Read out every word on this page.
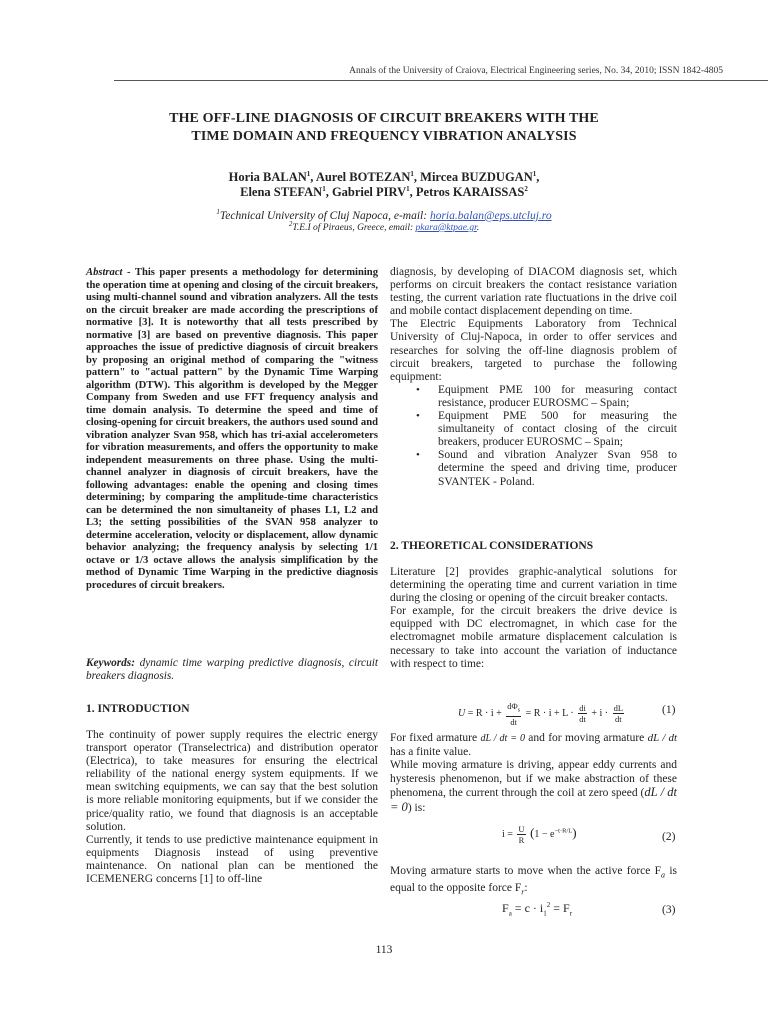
Annals of the University of Craiova, Electrical Engineering series, No. 34, 2010; ISSN 1842-4805
THE OFF-LINE DIAGNOSIS OF CIRCUIT BREAKERS WITH THE
TIME DOMAIN AND FREQUENCY VIBRATION ANALYSIS
Horia BALAN$^1$, Aurel BOTEZAN$^1$, Mircea BUZDUGAN$^1$,
Elena STEFAN$^1$, Gabriel PIRV$^1$, Petros KARAISSAS$^2$
$^1$Technical University of Cluj Napoca, e-mail: horia.balan@eps.utcluj.ro
$^2$T.E.I of Piraeus, Greece, email: pkara@ktpae.gr.
Abstract - This paper presents a methodology for determining the operation time at opening and closing of the circuit breakers, using multi-channel sound and vibration analyzers. All the tests on the circuit breaker are made according the prescriptions of normative [3]. It is noteworthy that all tests prescribed by normative [3] are based on preventive diagnosis. This paper approaches the issue of predictive diagnosis of circuit breakers by proposing an original method of comparing the "witness pattern" to "actual pattern" by the Dynamic Time Warping algorithm (DTW). This algorithm is developed by the Megger Company from Sweden and use FFT frequency analysis and time domain analysis. To determine the speed and time of closing-opening for circuit breakers, the authors used sound and vibration analyzer Svan 958, which has tri-axial accelerometers for vibration measurements, and offers the opportunity to make independent measurements on three phase. Using the multi-channel analyzer in diagnosis of circuit breakers, have the following advantages: enable the opening and closing times determining; by comparing the amplitude-time characteristics can be determined the non simultaneity of phases L1, L2 and L3; the setting possibilities of the SVAN 958 analyzer to determine acceleration, velocity or displacement, allow dynamic behavior analyzing; the frequency analysis by selecting 1/1 octave or 1/3 octave allows the analysis simplification by the method of Dynamic Time Warping in the predictive diagnosis procedures of circuit breakers.
Keywords: dynamic time warping predictive diagnosis, circuit breakers diagnosis.
1. INTRODUCTION
The continuity of power supply requires the electric energy transport operator (Transelectrica) and distribution operator (Electrica), to take measures for ensuring the electrical reliability of the national energy system equipments. If we mean switching equipments, we can say that the best solution is more reliable monitoring equipments, but if we consider the price/quality ratio, we found that diagnosis is an acceptable solution.
Currently, it tends to use predictive maintenance equipment in equipments Diagnosis instead of using preventive maintenance. On national plan can be mentioned the ICEMENERG concerns [1] to off-line
diagnosis, by developing of DIACOM diagnosis set, which performs on circuit breakers the contact resistance variation testing, the current variation rate fluctuations in the drive coil and mobile contact displacement depending on time.
The Electric Equipments Laboratory from Technical University of Cluj-Napoca, in order to offer services and researches for solving the off-line diagnosis problem of circuit breakers, targeted to purchase the following equipment:
• Equipment PME 100 for measuring contact resistance, producer EUROSMC – Spain;
• Equipment PME 500 for measuring the simultaneity of contact closing of the circuit breakers, producer EUROSMC – Spain;
• Sound and vibration Analyzer Svan 958 to determine the speed and driving time, producer SVANTEK - Poland.
2. THEORETICAL CONSIDERATIONS
Literature [2] provides graphic-analytical solutions for determining the operating time and current variation in time during the closing or opening of the circuit breaker contacts.
For example, for the circuit breakers the drive device is equipped with DC electromagnet, in which case for the electromagnet mobile armature displacement calculation is necessary to take into account the variation of inductance with respect to time:
$U = R \cdot i + \frac{d\Phi_s}{dt} = R \cdot i + L \cdot \frac{di}{dt} + i \cdot \frac{dL}{dt}$	(1)
For fixed armature dL / dt = 0 and for moving armature dL / dt has a finite value.
While moving armature is driving, appear eddy currents and hysteresis phenomenon, but if we make abstraction of these phenomena, the current through the coil at zero speed (dL / dt = 0) is:
$i = \frac{U}{R} (1 - e^{-t\cdot R/L})$	(2)
Moving armature starts to move when the active force $F_a$ is equal to the opposite force $F_r$:
$F_a = c \cdot i_1^2 = F_r$	(3)
113
